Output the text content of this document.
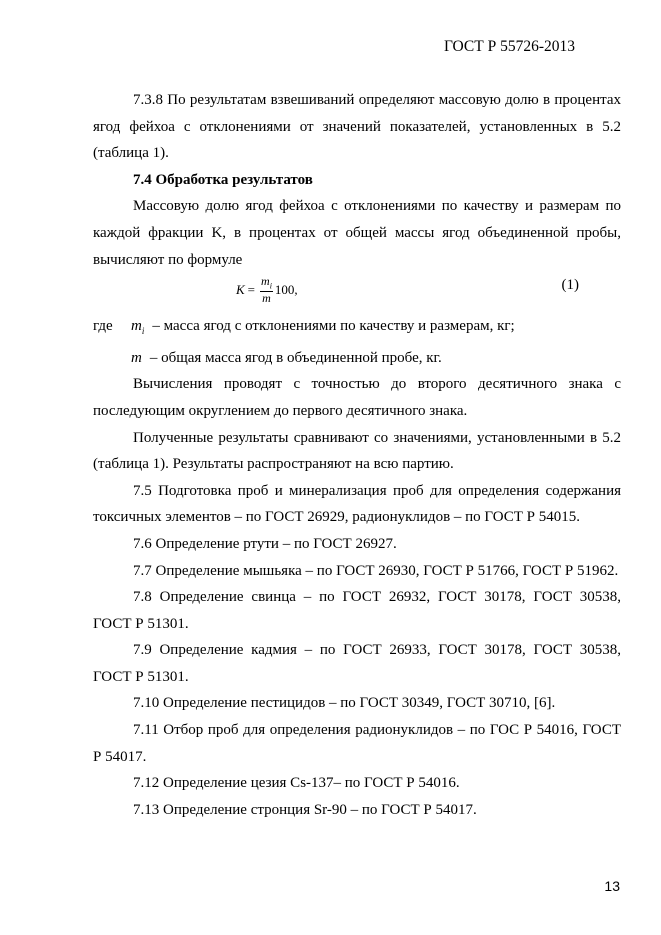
ГОСТ Р 55726-2013

7.3.8 По результатам взвешиваний определяют массовую долю в процентах ягод фейхоа с отклонениями от значений показателей, установленных в 5.2 (таблица 1).

7.4 Обработка результатов

Массовую долю ягод фейхоа с отклонениями по качеству и размерам по каждой фракции K, в процентах от общей массы ягод объединенной пробы, вычисляют по формуле

$K = \frac{m_i}{m} 100$,	(1)
где	$m_i$ – масса ягод с отклонениями по качеству и размерам, кг;
m – общая масса ягод в объединенной пробе, кг.

Вычисления проводят с точностью до второго десятичного знака с последующим округлением до первого десятичного знака.

Полученные результаты сравнивают со значениями, установленными в 5.2 (таблица 1). Результаты распространяют на всю партию.

7.5 Подготовка проб и минерализация проб для определения содержания токсичных элементов – по ГОСТ 26929, радионуклидов – по ГОСТ Р 54015.

7.6 Определение ртути – по ГОСТ 26927.

7.7 Определение мышьяка – по ГОСТ 26930, ГОСТ Р 51766, ГОСТ Р 51962.

7.8 Определение свинца – по ГОСТ 26932, ГОСТ 30178, ГОСТ 30538, ГОСТ Р 51301.

7.9 Определение кадмия – по ГОСТ 26933, ГОСТ 30178, ГОСТ 30538, ГОСТ Р 51301.

7.10 Определение пестицидов – по ГОСТ 30349, ГОСТ 30710, [6].

7.11 Отбор проб для определения радионуклидов – по ГОС Р 54016, ГОСТ Р 54017.

7.12 Определение цезия Cs-137– по ГОСТ Р 54016.

7.13 Определение стронция Sr-90 – по ГОСТ Р 54017.

13
